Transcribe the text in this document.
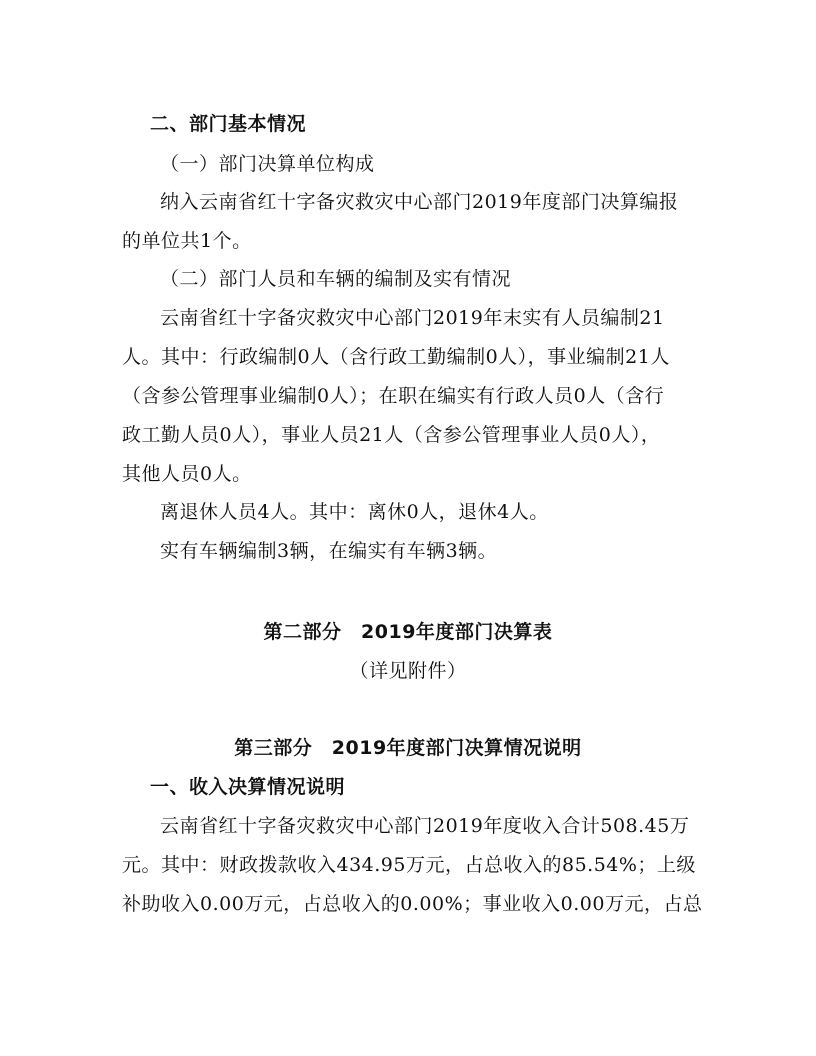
二、部门基本情况
（一）部门决算单位构成
纳入云南省红十字备灾救灾中心部门2019年度部门决算编报
的单位共1个。
（二）部门人员和车辆的编制及实有情况
云南省红十字备灾救灾中心部门2019年末实有人员编制21
人。其中：行政编制0人（含行政工勤编制0人），事业编制21人
（含参公管理事业编制0人）；在职在编实有行政人员0人（含行
政工勤人员0人），事业人员21人（含参公管理事业人员0人），
其他人员0人。
离退休人员4人。其中：离休0人，退休4人。
实有车辆编制3辆，在编实有车辆3辆。
第二部分　2019年度部门决算表
（详见附件）
第三部分　2019年度部门决算情况说明
一、收入决算情况说明
云南省红十字备灾救灾中心部门2019年度收入合计508.45万
元。其中：财政拨款收入434.95万元，占总收入的85.54%；上级
补助收入0.00万元，占总收入的0.00%；事业收入0.00万元，占总
